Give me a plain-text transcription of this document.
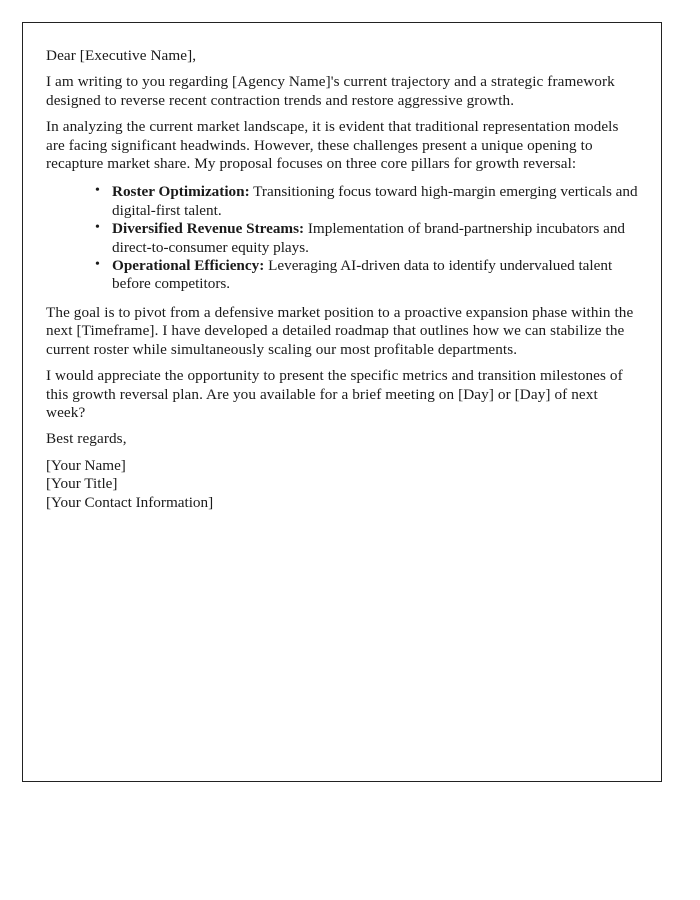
Dear [Executive Name],

I am writing to you regarding [Agency Name]'s current trajectory and a strategic framework designed to reverse recent contraction trends and restore aggressive growth.

In analyzing the current market landscape, it is evident that traditional representation models are facing significant headwinds. However, these challenges present a unique opening to recapture market share. My proposal focuses on three core pillars for growth reversal:

• Roster Optimization: Transitioning focus toward high-margin emerging verticals and digital-first talent.
• Diversified Revenue Streams: Implementation of brand-partnership incubators and direct-to-consumer equity plays.
• Operational Efficiency: Leveraging AI-driven data to identify undervalued talent before competitors.

The goal is to pivot from a defensive market position to a proactive expansion phase within the next [Timeframe]. I have developed a detailed roadmap that outlines how we can stabilize the current roster while simultaneously scaling our most profitable departments.

I would appreciate the opportunity to present the specific metrics and transition milestones of this growth reversal plan. Are you available for a brief meeting on [Day] or [Day] of next week?

Best regards,

[Your Name]

[Your Title]

[Your Contact Information]
